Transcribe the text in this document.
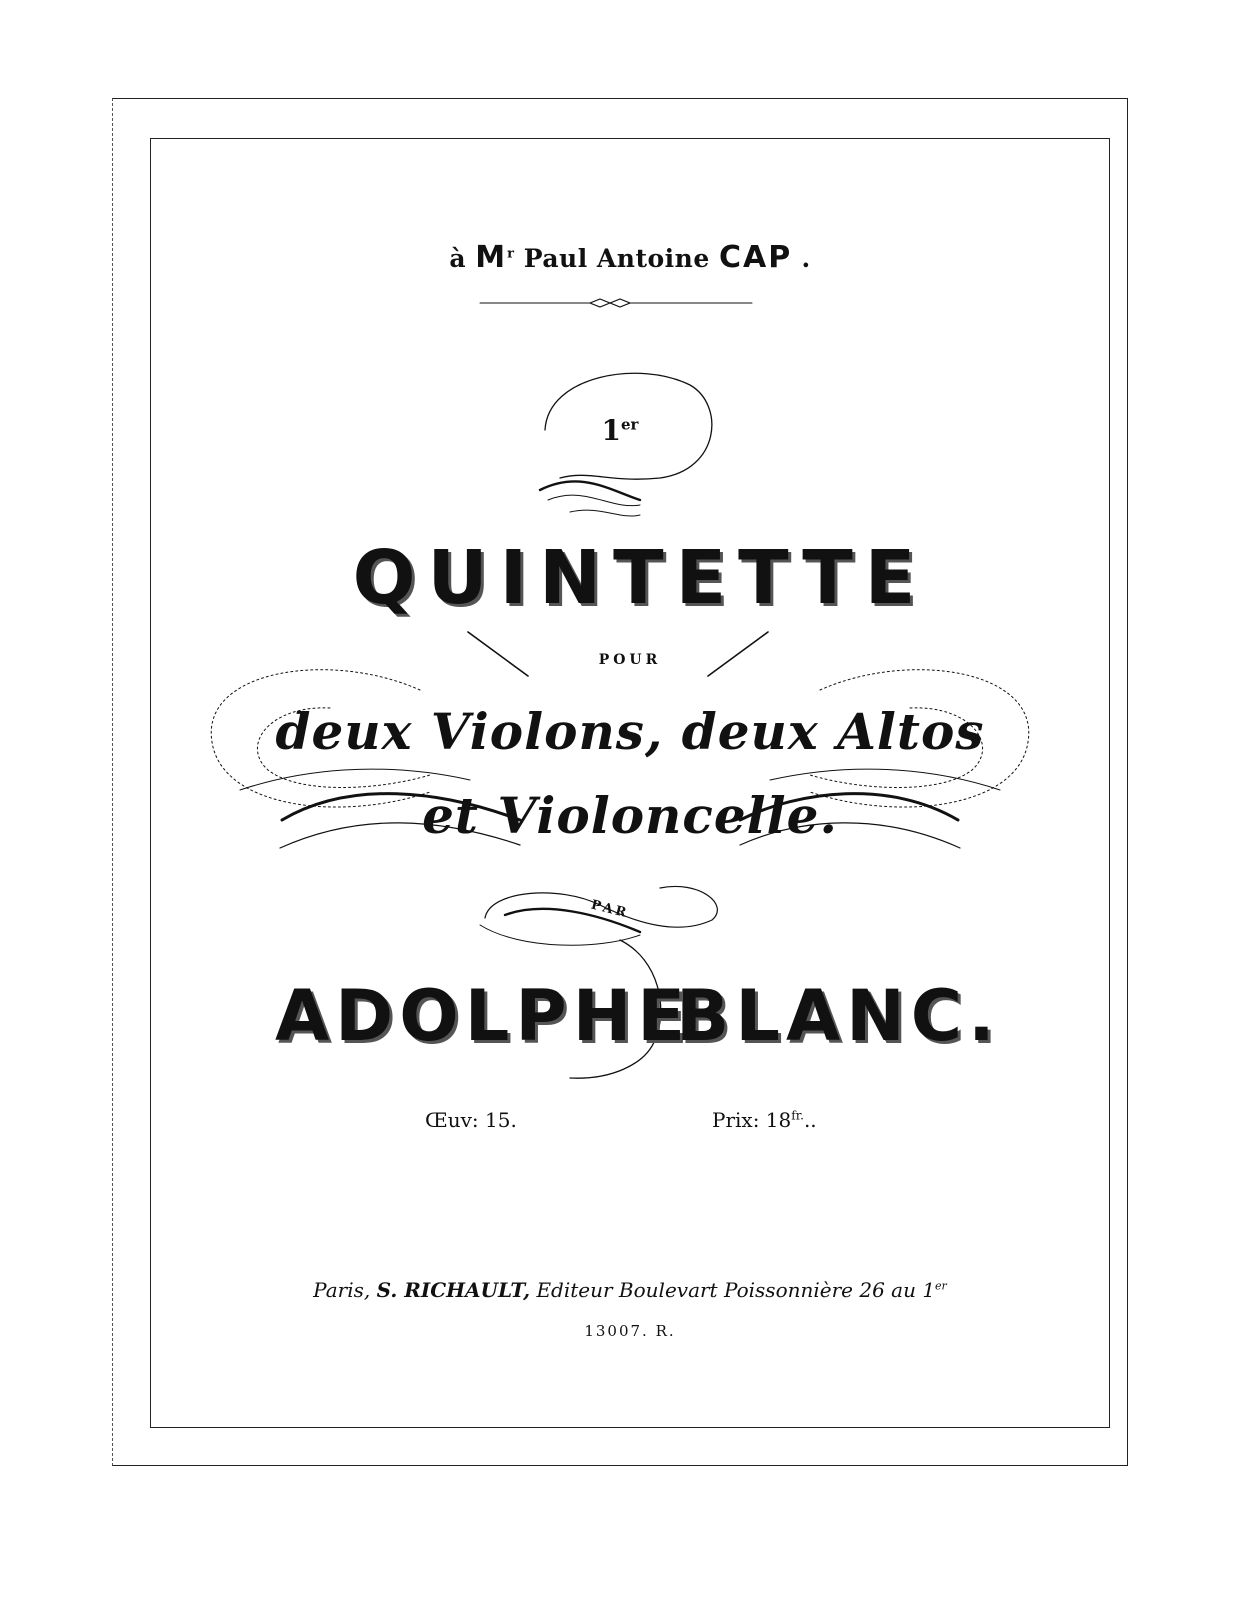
à $M^r$ Paul Antoine CAP .
1er
QUINTETTE
POUR
deux Violons, deux Altos
et Violoncelle.
PAR
ADOLPHE
BLANC.
Œuv: 15.	Prix: $18^{fr.}$..
Paris, S. RICHAULT, Editeur Boulevart Poissonnière 26 au 1er
13007. R.
